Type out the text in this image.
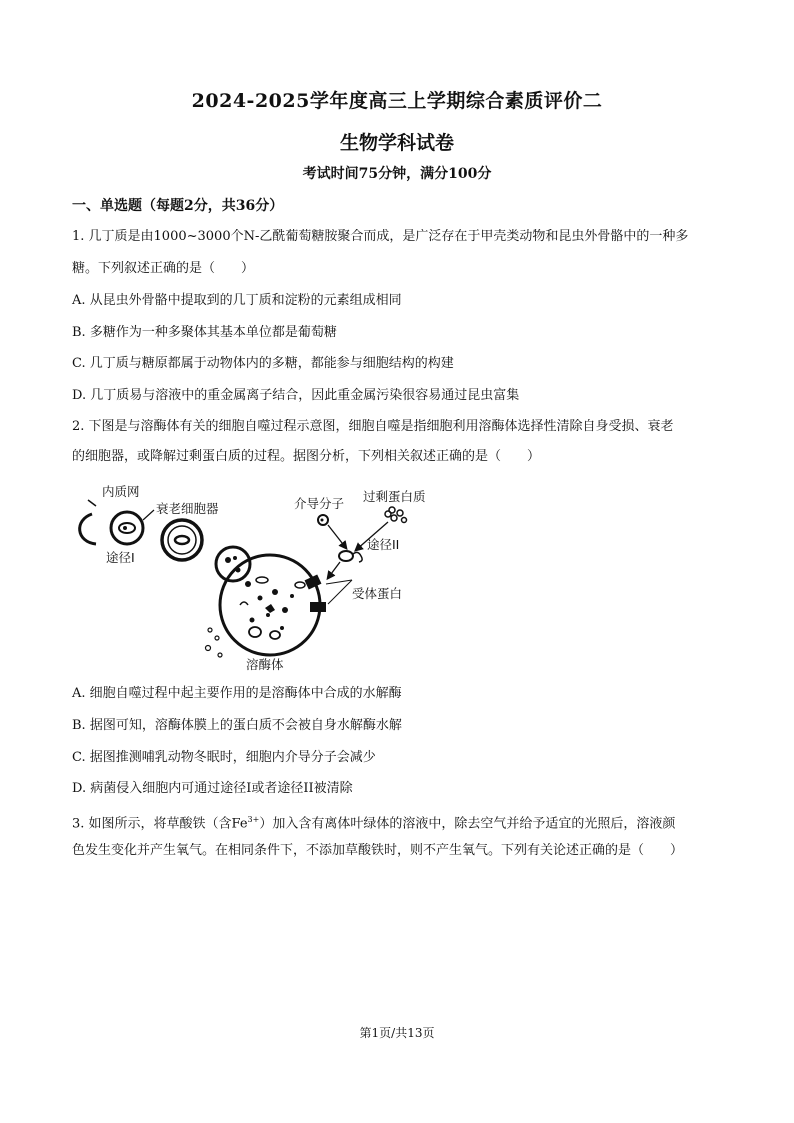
2024-2025学年度高三上学期综合素质评价二
生物学科试卷
考试时间75分钟，满分100分
一、单选题（每题2分，共36分）
1. 几丁质是由1000~3000个N-乙酰葡萄糖胺聚合而成，是广泛存在于甲壳类动物和昆虫外骨骼中的一种多
糖。下列叙述正确的是（　　）
A. 从昆虫外骨骼中提取到的几丁质和淀粉的元素组成相同
B. 多糖作为一种多聚体其基本单位都是葡萄糖
C. 几丁质与糖原都属于动物体内的多糖，都能参与细胞结构的构建
D. 几丁质易与溶液中的重金属离子结合，因此重金属污染很容易通过昆虫富集
2. 下图是与溶酶体有关的细胞自噬过程示意图，细胞自噬是指细胞利用溶酶体选择性清除自身受损、衰老
的细胞器，或降解过剩蛋白质的过程。据图分析，下列相关叙述正确的是（　　）
内质网
衰老细胞器
途径I
介导分子 过剩蛋白质
途径II
受体蛋白
溶酶体
A. 细胞自噬过程中起主要作用的是溶酶体中合成的水解酶
B. 据图可知，溶酶体膜上的蛋白质不会被自身水解酶水解
C. 据图推测哺乳动物冬眠时，细胞内介导分子会减少
D. 病菌侵入细胞内可通过途径I或者途径II被清除
3. 如图所示，将草酸铁（含$Fe^{3+}$）加入含有离体叶绿体的溶液中，除去空气并给予适宜的光照后，溶液颜
色发生变化并产生氧气。在相同条件下，不添加草酸铁时，则不产生氧气。下列有关论述正确的是（　　）
第1页/共13页
